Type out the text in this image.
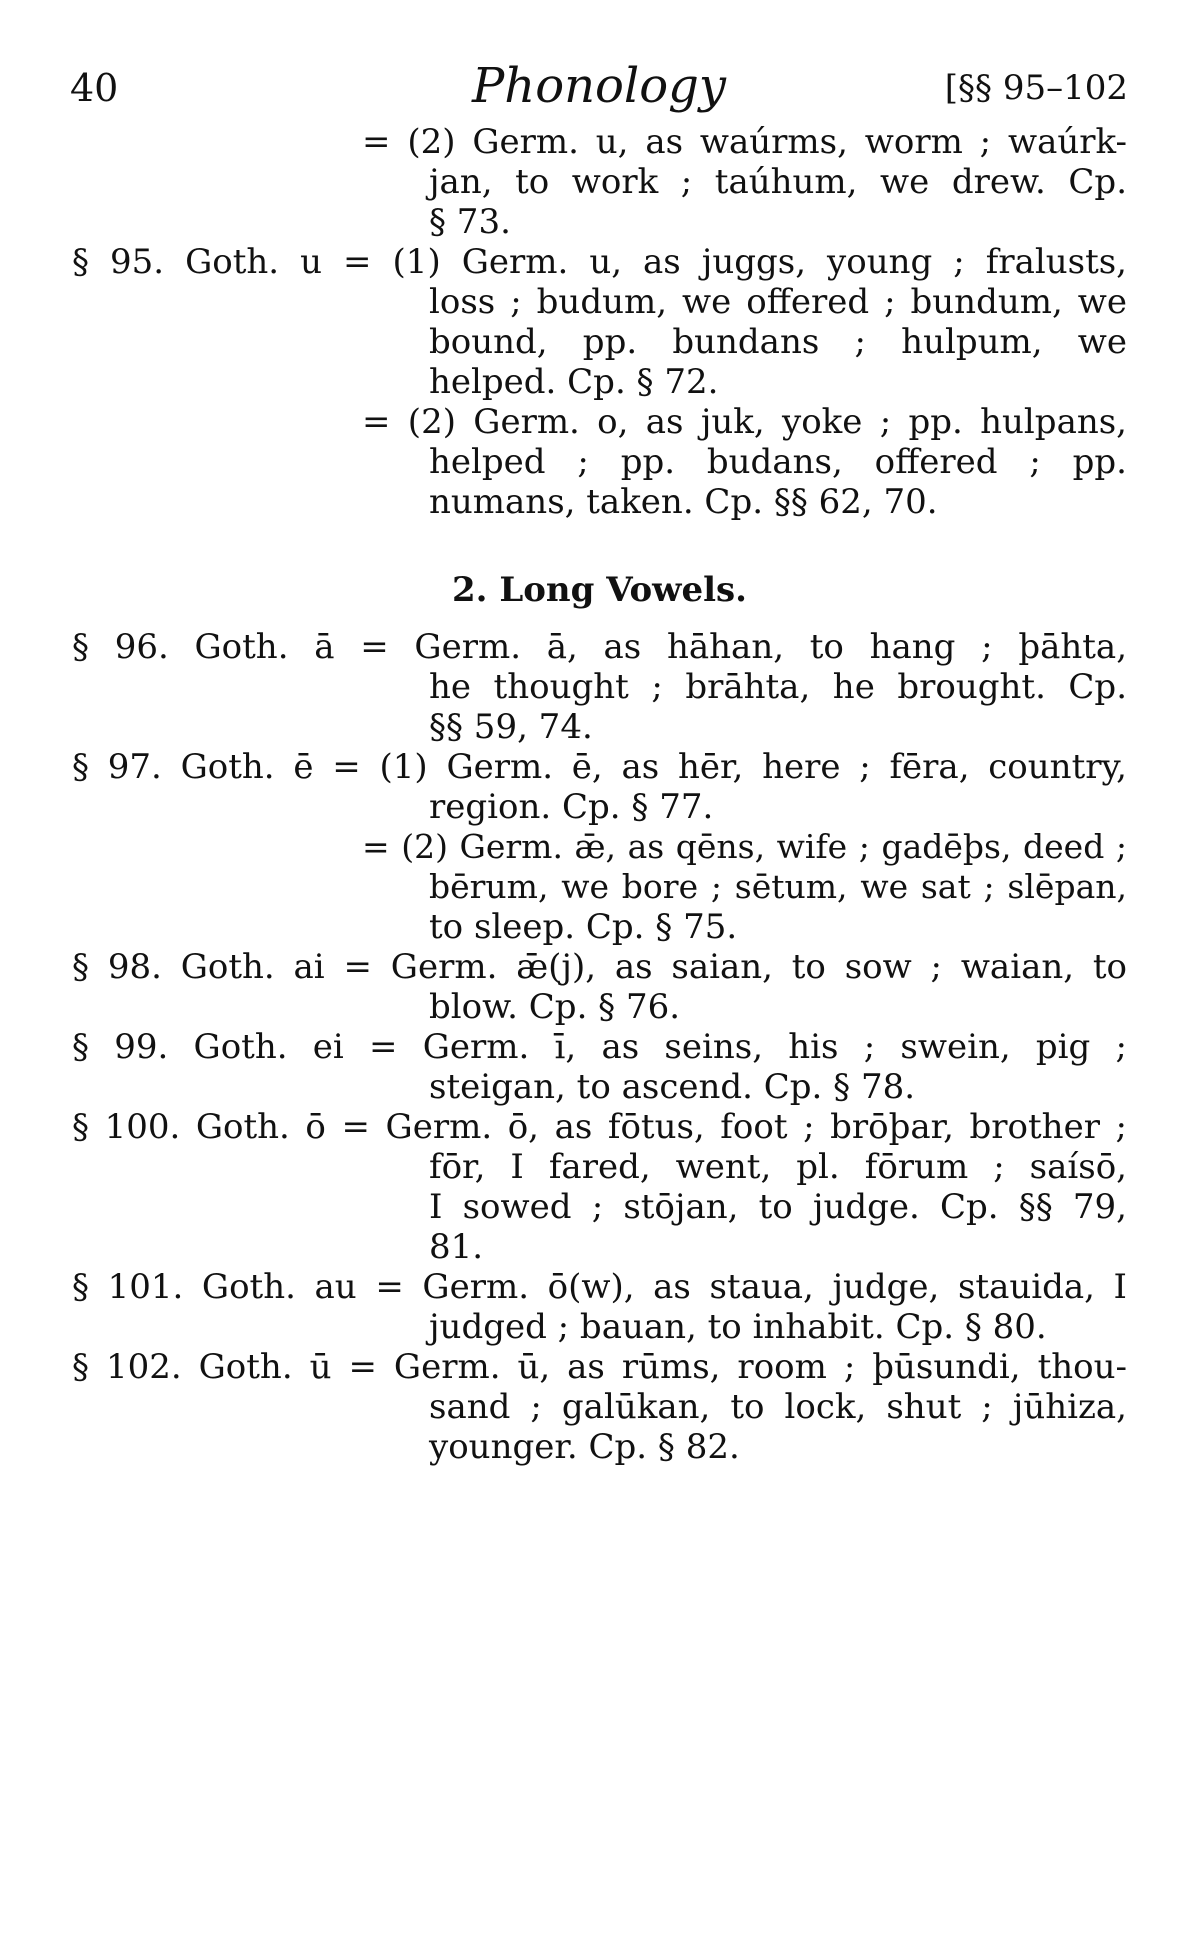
40	Phonology	[§§ 95–102
= (2) Germ. u, as waúrms, worm ; waúrk-
jan, to work ; taúhum, we drew. Cp.
§ 73.
§ 95. Goth. u = (1) Germ. u, as juggs, young ; fralusts,
loss ; budum, we offered ; bundum, we
bound, pp. bundans ; hulpum, we
helped. Cp. § 72.
= (2) Germ. o, as juk, yoke ; pp. hulpans,
helped ; pp. budans, offered ; pp.
numans, taken. Cp. §§ 62, 70.
2. Long Vowels.
§ 96. Goth. ā = Germ. ā, as hāhan, to hang ; þāhta,
he thought ; brāhta, he brought. Cp.
§§ 59, 74.
§ 97. Goth. ē = (1) Germ. ē, as hēr, here ; fēra, country,
region. Cp. § 77.
= (2) Germ. ǣ, as qēns, wife ; gadēþs, deed ;
bērum, we bore ; sētum, we sat ; slēpan,
to sleep. Cp. § 75.
§ 98. Goth. ai = Germ. ǣ(j), as saian, to sow ; waian, to
blow. Cp. § 76.
§ 99. Goth. ei = Germ. ī, as seins, his ; swein, pig ;
steigan, to ascend. Cp. § 78.
§ 100. Goth. ō = Germ. ō, as fōtus, foot ; brōþar, brother ;
fōr, I fared, went, pl. fōrum ; saísō,
I sowed ; stōjan, to judge. Cp. §§ 79,
81.
§ 101. Goth. au = Germ. ō(w), as staua, judge, stauida, I
judged ; bauan, to inhabit. Cp. § 80.
§ 102. Goth. ū = Germ. ū, as rūms, room ; þūsundi, thou-
sand ; galūkan, to lock, shut ; jūhiza,
younger. Cp. § 82.
